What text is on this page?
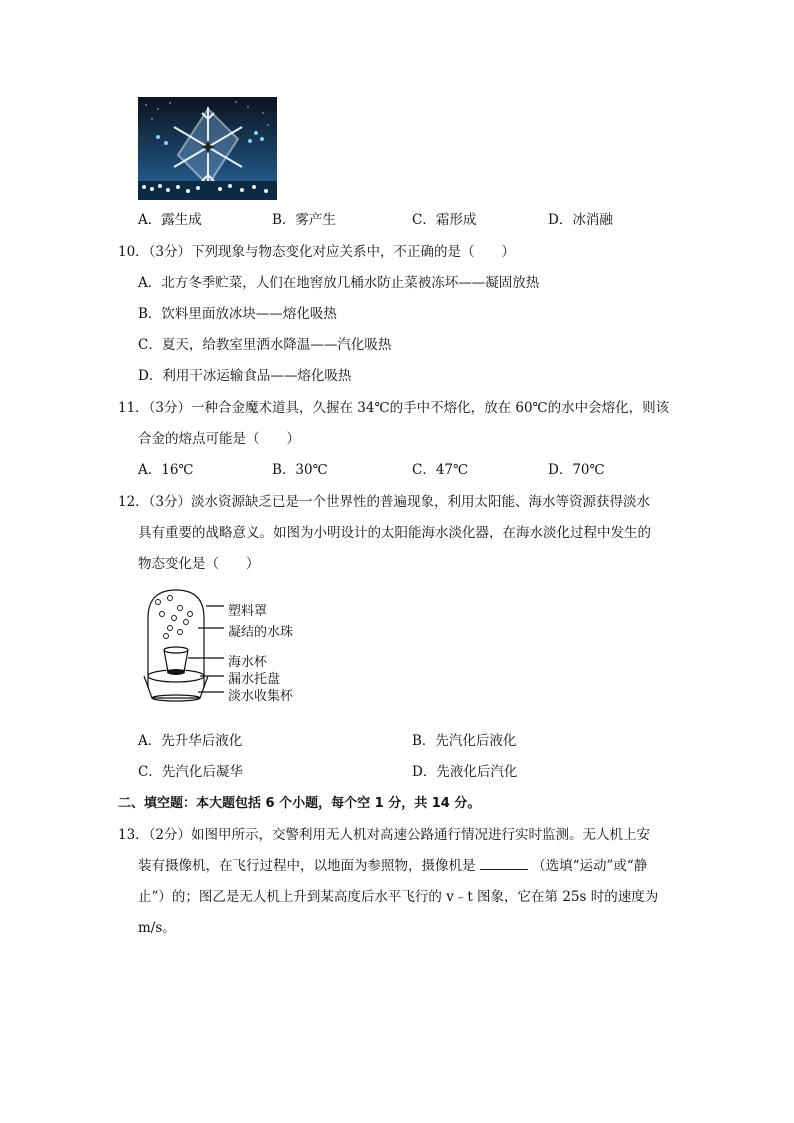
A．露生成	B．雾产生	C．霜形成	D．冰消融
10．（3分）下列现象与物态变化对应关系中，不正确的是（　　）
A．北方冬季贮菜，人们在地窖放几桶水防止菜被冻坏——凝固放热
B．饮料里面放冰块——熔化吸热
C．夏天，给教室里洒水降温——汽化吸热
D．利用干冰运输食品——熔化吸热
11．（3分）一种合金魔术道具，久握在 34℃的手中不熔化，放在 60℃的水中会熔化，则该
合金的熔点可能是（　　）
A．16℃	B．30℃	C．47℃	D．70℃
12．（3分）淡水资源缺乏已是一个世界性的普遍现象，利用太阳能、海水等资源获得淡水
具有重要的战略意义。如图为小明设计的太阳能海水淡化器，在海水淡化过程中发生的
物态变化是（　　）
塑料罩
凝结的水珠
海水杯
漏水托盘
淡水收集杯
A．先升华后液化	B．先汽化后液化
C．先汽化后凝华	D．先液化后汽化
二、填空题：本大题包括 6 个小题，每个空 1 分，共 14 分。
13．（2分）如图甲所示，交警利用无人机对高速公路通行情况进行实时监测。无人机上安
装有摄像机，在飞行过程中，以地面为参照物，摄像机是	（选填“运动”或“静
止”）的；图乙是无人机上升到某高度后水平飞行的 v﹣t 图象，它在第 25s 时的速度为
m/s。
